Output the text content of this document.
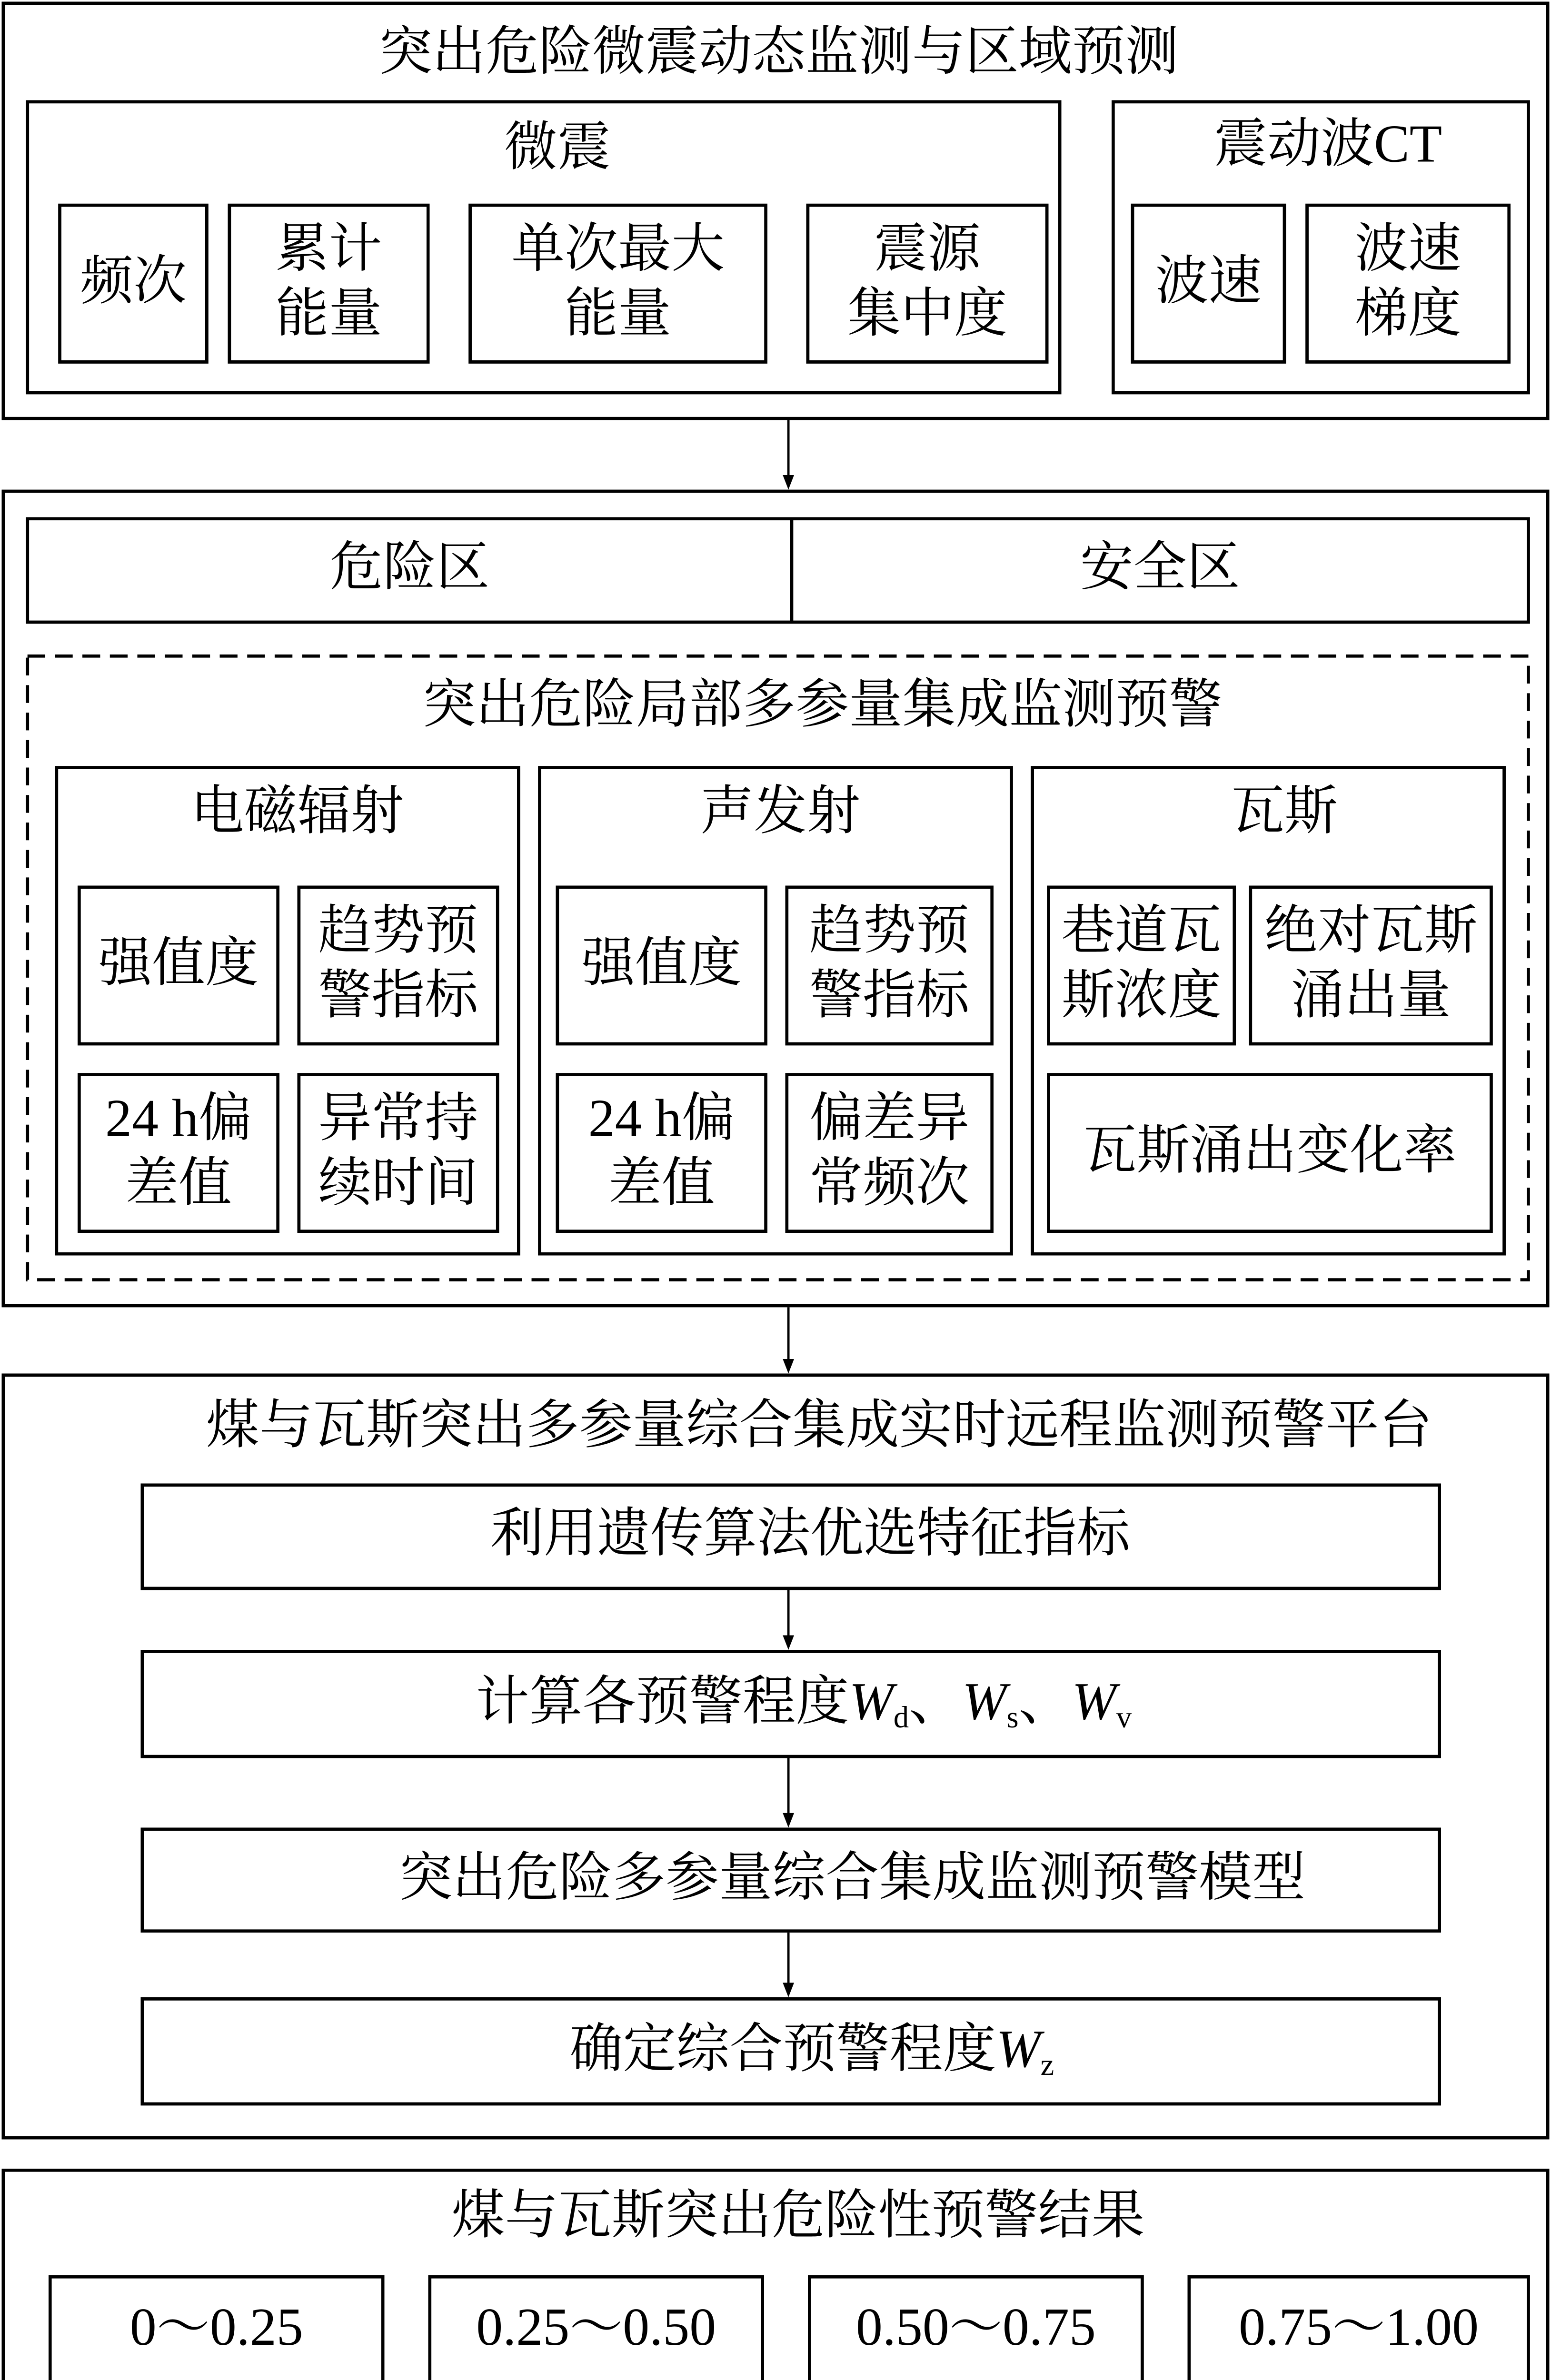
突出危险微震动态监测与区域预测
微震
频次
累计
能量
单次最大
能量
震源
集中度
震动波CT
波速
波速
梯度
危险区	安全区
突出危险局部多参量集成监测预警
电磁辐射
强值度
趋势预
警指标
24 h偏
差值
异常持
续时间
声发射
强值度
趋势预
警指标
24 h偏
差值
偏差异
常频次
瓦斯
巷道瓦
斯浓度
绝对瓦斯
涌出量
瓦斯涌出变化率
煤与瓦斯突出多参量综合集成实时远程监测预警平台
利用遗传算法优选特征指标
计算各预警程度$W_d$、$W_s$、$W_v$
突出危险多参量综合集成监测预警模型
确定综合预警程度$W_z$
煤与瓦斯突出危险性预警结果
0～0.25	0.25～0.50	0.50～0.75	0.75～1.00
